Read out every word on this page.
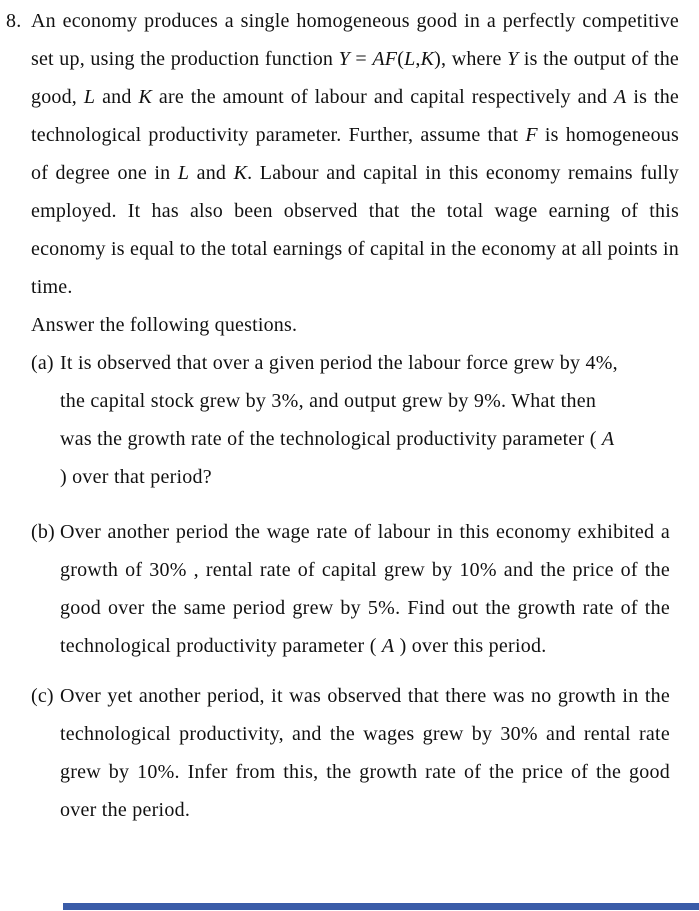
8. An economy produces a single homogeneous good in a perfectly competitive set up, using the production function Y = AF(L,K), where Y is the output of the good, L and K are the amount of labour and capital respectively and A is the technological productivity parameter. Further, assume that F is homogeneous of degree one in L and K. Labour and capital in this economy remains fully employed. It has also been observed that the total wage earning of this economy is equal to the total earnings of capital in the economy at all points in time.

Answer the following questions.

(a) It is observed that over a given period the labour force grew by 4%, the capital stock grew by 3%, and output grew by 9%. What then was the growth rate of the technological productivity parameter ( A ) over that period?

(b) Over another period the wage rate of labour in this economy exhibited a growth of 30% , rental rate of capital grew by 10% and the price of the good over the same period grew by 5%. Find out the growth rate of the technological productivity parameter ( A ) over this period.

(c) Over yet another period, it was observed that there was no growth in the technological productivity, and the wages grew by 30% and rental rate grew by 10%. Infer from this, the growth rate of the price of the good over the period.
